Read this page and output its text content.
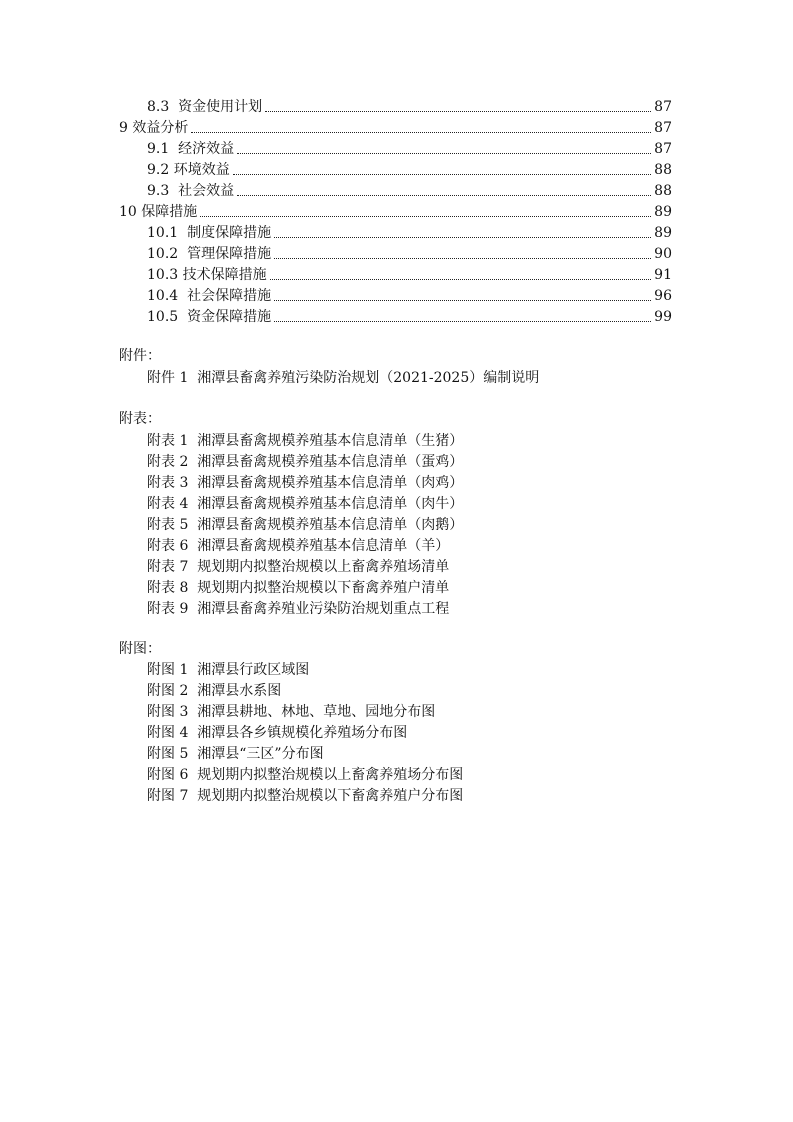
8.3  资金使用计划	87
9 效益分析	87
9.1  经济效益	87
9.2 环境效益	88
9.3  社会效益	88
10 保障措施	89
10.1  制度保障措施	89
10.2  管理保障措施	90
10.3 技术保障措施	91
10.4  社会保障措施	96
10.5  资金保障措施	99
附件：
附件 1  湘潭县畜禽养殖污染防治规划（2021-2025）编制说明
附表：
附表 1  湘潭县畜禽规模养殖基本信息清单（生猪）
附表 2  湘潭县畜禽规模养殖基本信息清单（蛋鸡）
附表 3  湘潭县畜禽规模养殖基本信息清单（肉鸡）
附表 4  湘潭县畜禽规模养殖基本信息清单（肉牛）
附表 5  湘潭县畜禽规模养殖基本信息清单（肉鹅）
附表 6  湘潭县畜禽规模养殖基本信息清单（羊）
附表 7  规划期内拟整治规模以上畜禽养殖场清单
附表 8  规划期内拟整治规模以下畜禽养殖户清单
附表 9  湘潭县畜禽养殖业污染防治规划重点工程
附图：
附图 1  湘潭县行政区域图
附图 2  湘潭县水系图
附图 3  湘潭县耕地、林地、草地、园地分布图
附图 4  湘潭县各乡镇规模化养殖场分布图
附图 5  湘潭县“三区”分布图
附图 6  规划期内拟整治规模以上畜禽养殖场分布图
附图 7  规划期内拟整治规模以下畜禽养殖户分布图
